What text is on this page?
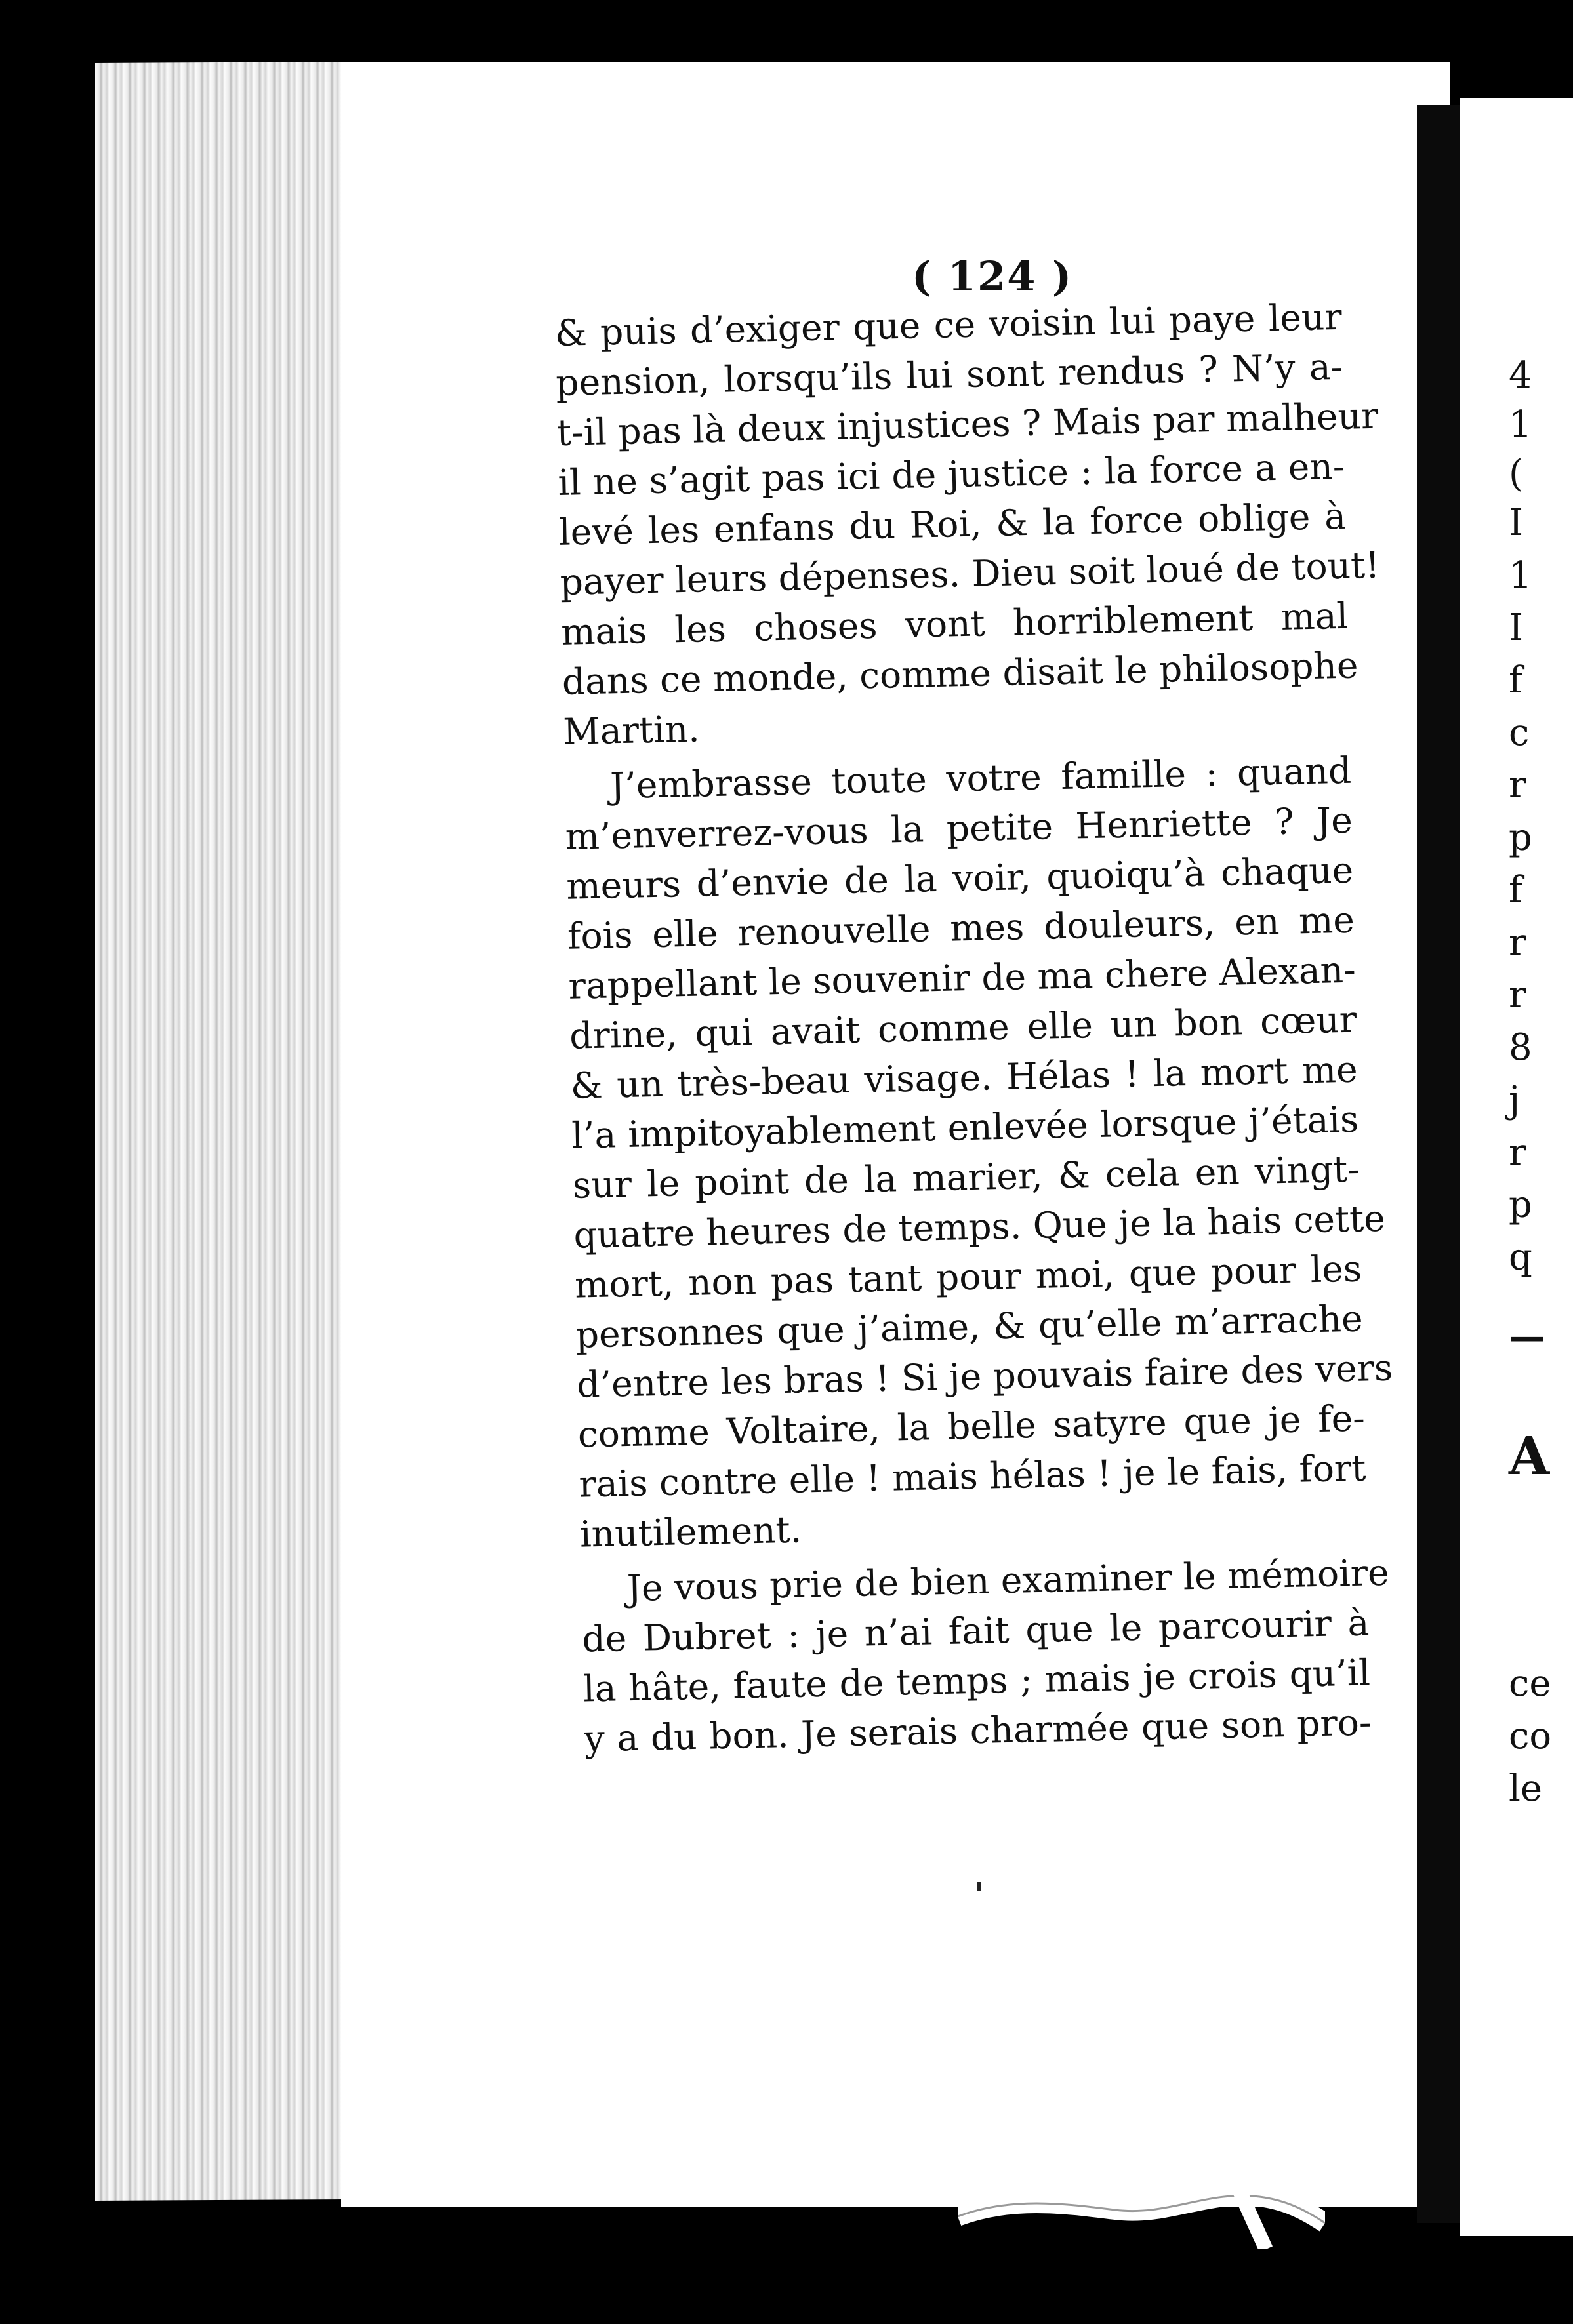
( 124 )
& puis d’exiger que ce voisin lui paye leur
pension, lorsqu’ils lui sont rendus ? N’y a-
t-il pas là deux injustices ? Mais par malheur
il ne s’agit pas ici de justice : la force a en-
levé les enfans du Roi, & la force oblige à
payer leurs dépenses. Dieu soit loué de tout!
mais les choses vont horriblement mal
dans ce monde, comme disait le philosophe
Martin.
J’embrasse toute votre famille : quand
m’enverrez-vous la petite Henriette ? Je
meurs d’envie de la voir, quoiqu’à chaque
fois elle renouvelle mes douleurs, en me
rappellant le souvenir de ma chere Alexan-
drine, qui avait comme elle un bon cœur
& un très-beau visage. Hélas ! la mort me
l’a impitoyablement enlevée lorsque j’étais
sur le point de la marier, & cela en vingt-
quatre heures de temps. Que je la hais cette
mort, non pas tant pour moi, que pour les
personnes que j’aime, & qu’elle m’arrache
d’entre les bras ! Si je pouvais faire des vers
comme Voltaire, la belle satyre que je fe-
rais contre elle ! mais hélas ! je le fais, fort
inutilement.
Je vous prie de bien examiner le mémoire
de Dubret : je n’ai fait que le parcourir à
la hâte, faute de temps ; mais je crois qu’il
y a du bon. Je serais charmée que son pro-
4
1
(
I
1
I
f
c
r
p
f
r
r
8
j
r
p
q
—
A
ce
co
le
